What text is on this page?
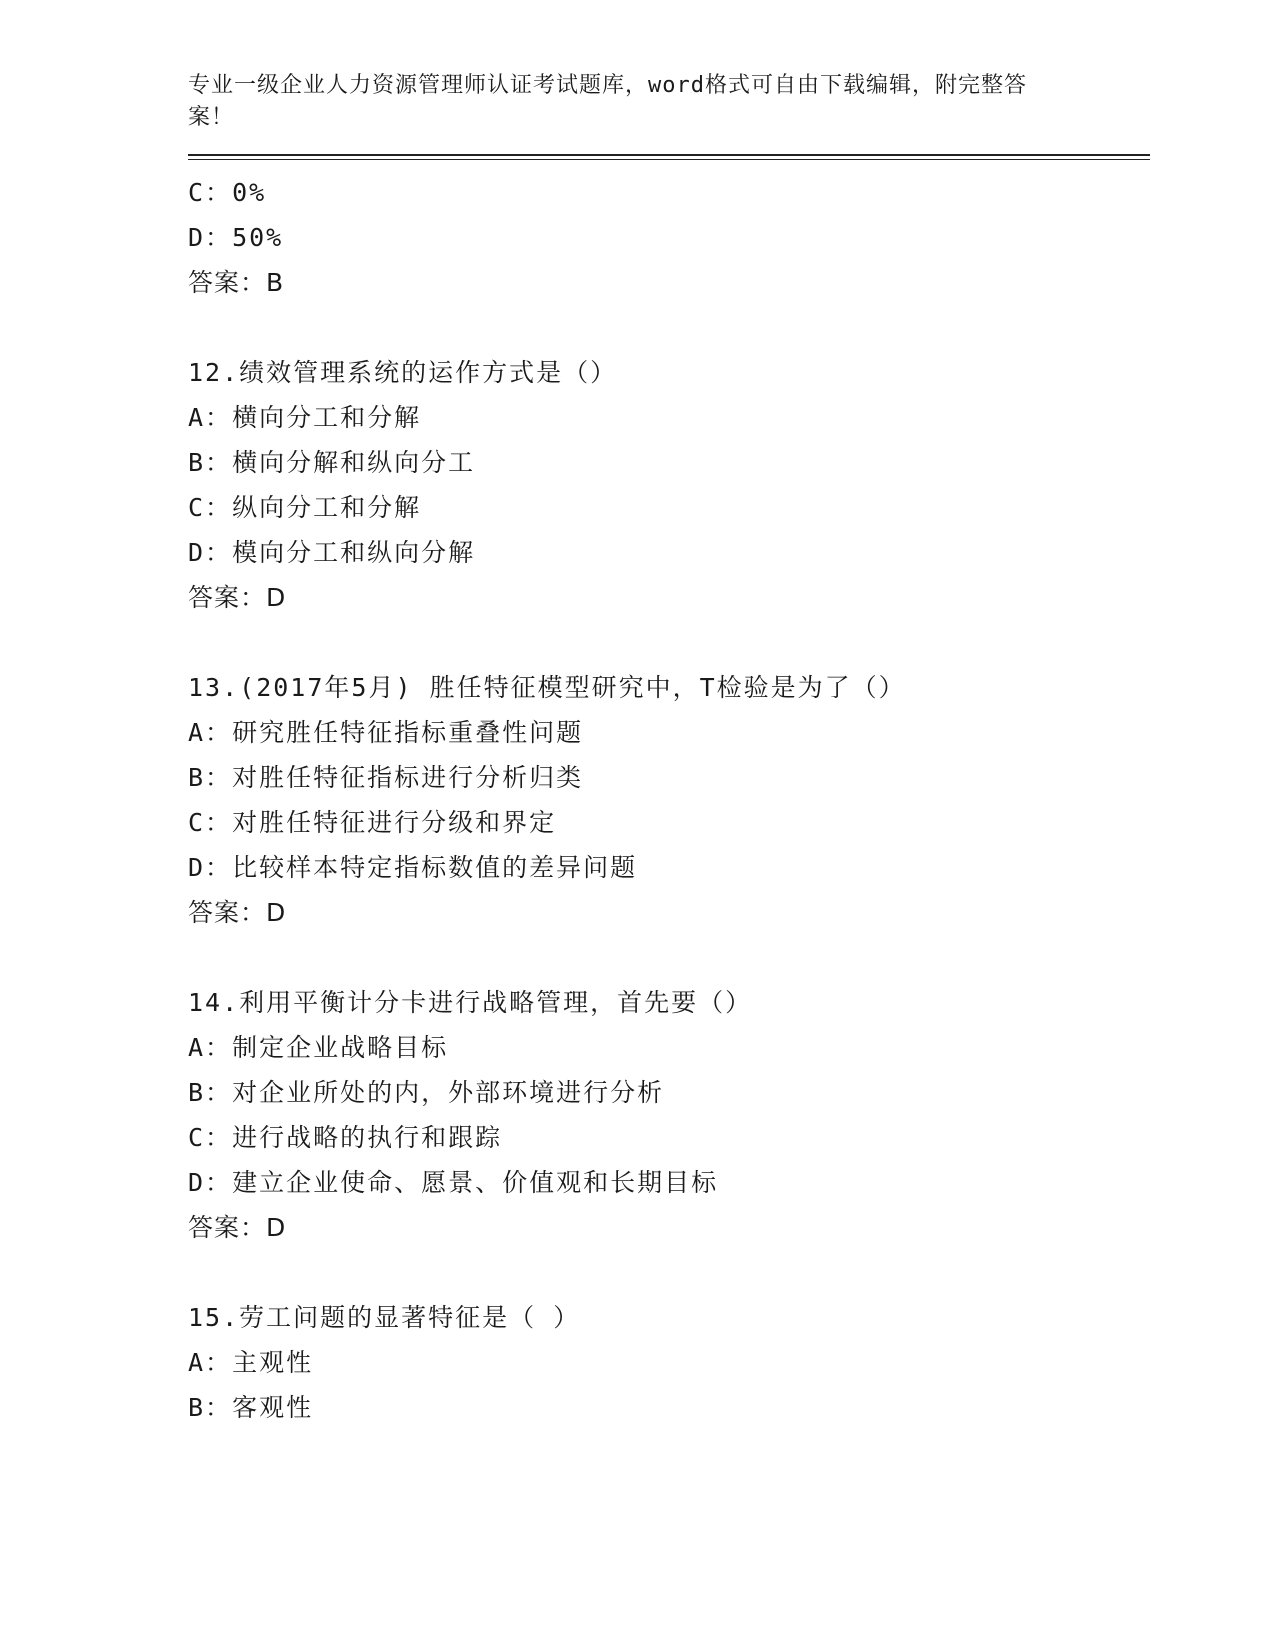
专业一级企业人力资源管理师认证考试题库，word格式可自由下载编辑，附完整答案！
C：0%
D：50%
答案：B
12.绩效管理系统的运作方式是（）
A：横向分工和分解
B：横向分解和纵向分工
C：纵向分工和分解
D：模向分工和纵向分解
答案：D
13.(2017年5月) 胜任特征模型研究中，T检验是为了（）
A：研究胜任特征指标重叠性问题
B：对胜任特征指标进行分析归类
C：对胜任特征进行分级和界定
D：比较样本特定指标数值的差异问题
答案：D
14.利用平衡计分卡进行战略管理，首先要（）
A：制定企业战略目标
B：对企业所处的内，外部环境进行分析
C：进行战略的执行和跟踪
D：建立企业使命、愿景、价值观和长期目标
答案：D
15.劳工问题的显著特征是（ ）
A：主观性
B：客观性
